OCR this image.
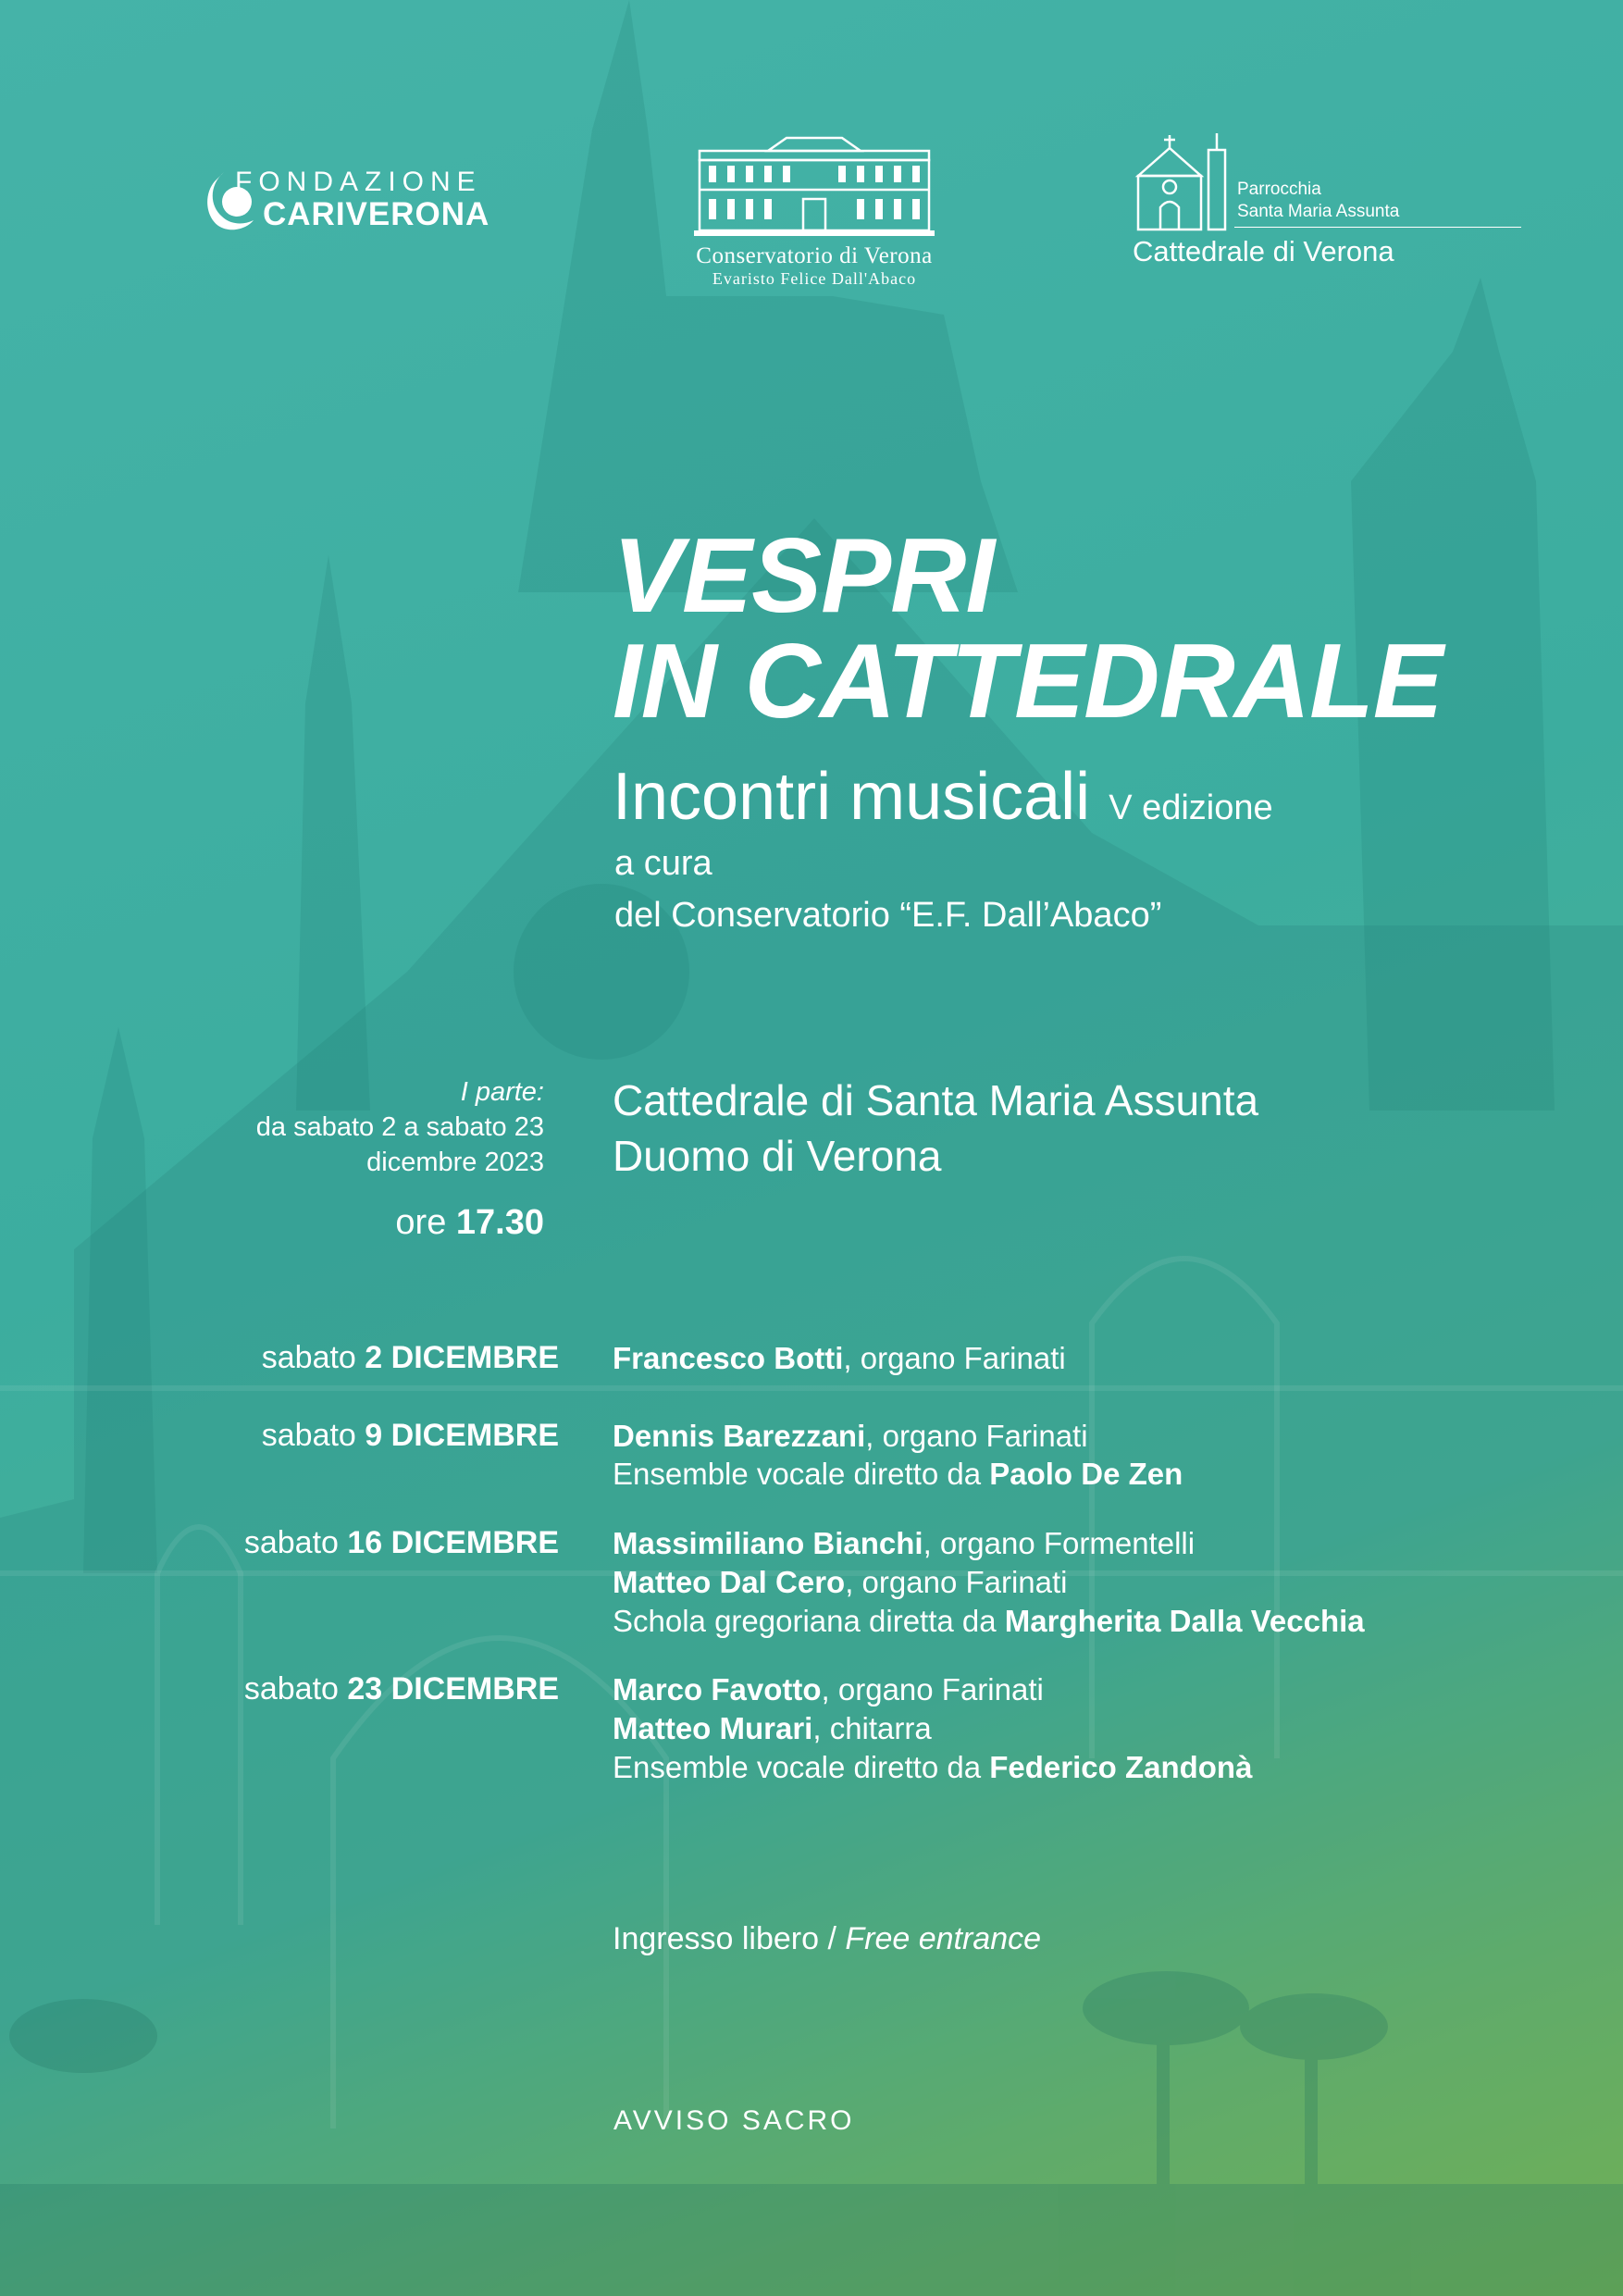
FONDAZIONE
CARIVERONA
Conservatorio di Verona
Evaristo Felice Dall'Abaco
Parrocchia
Santa Maria Assunta
Cattedrale di Verona
VESPRI
IN CATTEDRALE
Incontri musicali V edizione
a cura
del Conservatorio “E.F. Dall’Abaco”
I parte:
da sabato 2 a sabato 23
dicembre 2023
ore 17.30
Cattedrale di Santa Maria Assunta
Duomo di Verona
sabato 2 DICEMBRE Francesco Botti, organo Farinati
sabato 9 DICEMBRE Dennis Barezzani, organo Farinati
Ensemble vocale diretto da Paolo De Zen
sabato 16 DICEMBRE Massimiliano Bianchi, organo Formentelli
Matteo Dal Cero, organo Farinati
Schola gregoriana diretta da Margherita Dalla Vecchia
sabato 23 DICEMBRE Marco Favotto, organo Farinati
Matteo Murari, chitarra
Ensemble vocale diretto da Federico Zandonà
Ingresso libero / Free entrance
AVVISO SACRO
